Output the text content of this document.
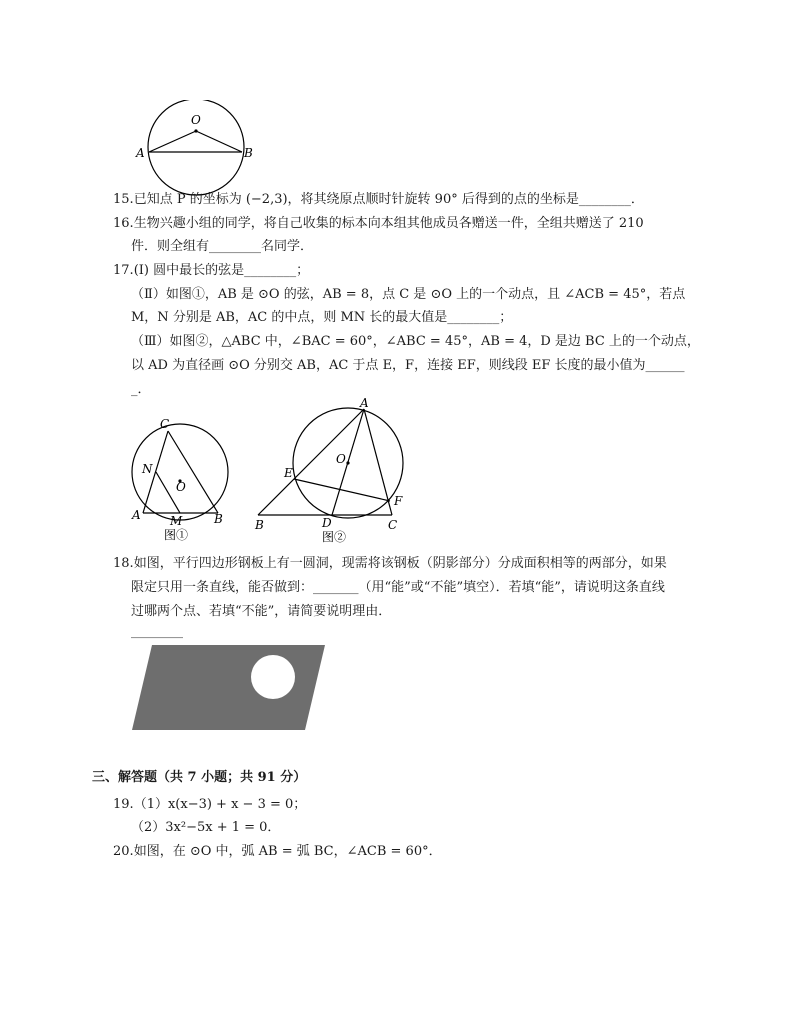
O
A	B
15.已知点 P 的坐标为 (−2,3)，将其绕原点顺时针旋转 90° 后得到的点的坐标是________．
16.生物兴趣小组的同学，将自己收集的标本向本组其他成员各赠送一件，全组共赠送了 210
件．则全组有________名同学．
17.(Ⅰ) 圆中最长的弦是________；
（Ⅱ）如图①，AB 是 ⊙O 的弦，AB = 8，点 C 是 ⊙O 上的一个动点，且 ∠ACB = 45°，若点
M，N 分别是 AB，AC 的中点，则 MN 长的最大值是________；
（Ⅲ）如图②，△ABC 中，∠BAC = 60°，∠ABC = 45°，AB = 4，D 是边 BC 上的一个动点，
以 AD 为直径画 ⊙O 分别交 AB，AC 于点 E，F，连接 EF，则线段 EF 长度的最小值为______
_．
C
N
O
A M	B
图①
A
O
E
F
B	D	C
图②
18.如图，平行四边形钢板上有一圆洞，现需将该钢板（阴影部分）分成面积相等的两部分，如果
限定只用一条直线，能否做到：_______（用“能”或“不能”填空）．若填“能”，请说明这条直线
过哪两个点、若填“不能”，请简要说明理由．
________
三、解答题（共 7 小题；共 91 分）
19.（1）x(x−3) + x − 3 = 0；
（2）3x²−5x + 1 = 0．
20.如图，在 ⊙O 中，弧 AB = 弧 BC，∠ACB = 60°．
